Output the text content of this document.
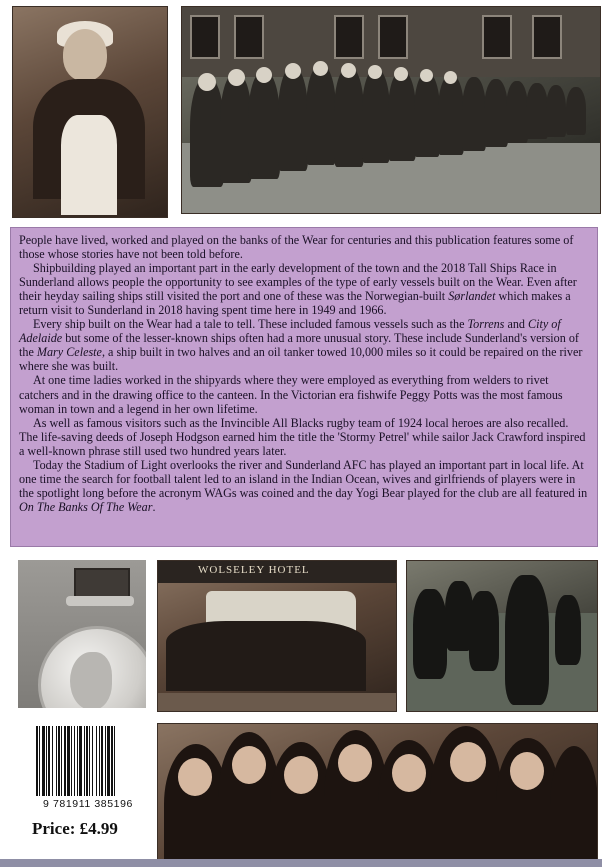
People have lived, worked and played on the banks of the Wear for centuries and this publication features some of those whose stories have not been told before.

Shipbuilding played an important part in the early development of the town and the 2018 Tall Ships Race in Sunderland allows people the opportunity to see examples of the type of early vessels built on the Wear. Even after their heyday sailing ships still visited the port and one of these was the Norwegian-built Sørlandet which makes a return visit to Sunderland in 2018 having spent time here in 1949 and 1966.

Every ship built on the Wear had a tale to tell. These included famous vessels such as the Torrens and City of Adelaide but some of the lesser-known ships often had a more unusual story. These include Sunderland's version of the Mary Celeste, a ship built in two halves and an oil tanker towed 10,000 miles so it could be repaired on the river where she was built.

At one time ladies worked in the shipyards where they were employed as everything from welders to rivet catchers and in the drawing office to the canteen. In the Victorian era fishwife Peggy Potts was the most famous woman in town and a legend in her own lifetime.

As well as famous visitors such as the Invincible All Blacks rugby team of 1924 local heroes are also recalled. The life-saving deeds of Joseph Hodgson earned him the title the 'Stormy Petrel' while sailor Jack Crawford inspired a well-known phrase still used two hundred years later.

Today the Stadium of Light overlooks the river and Sunderland AFC has played an important part in local life. At one time the search for football talent led to an island in the Indian Ocean, wives and girlfriends of players were in the spotlight long before the acronym WAGs was coined and the day Yogi Bear played for the club are all featured in On The Banks Of The Wear.

WOLSELEY HOTEL
9 781911 385196
Price: £4.99
